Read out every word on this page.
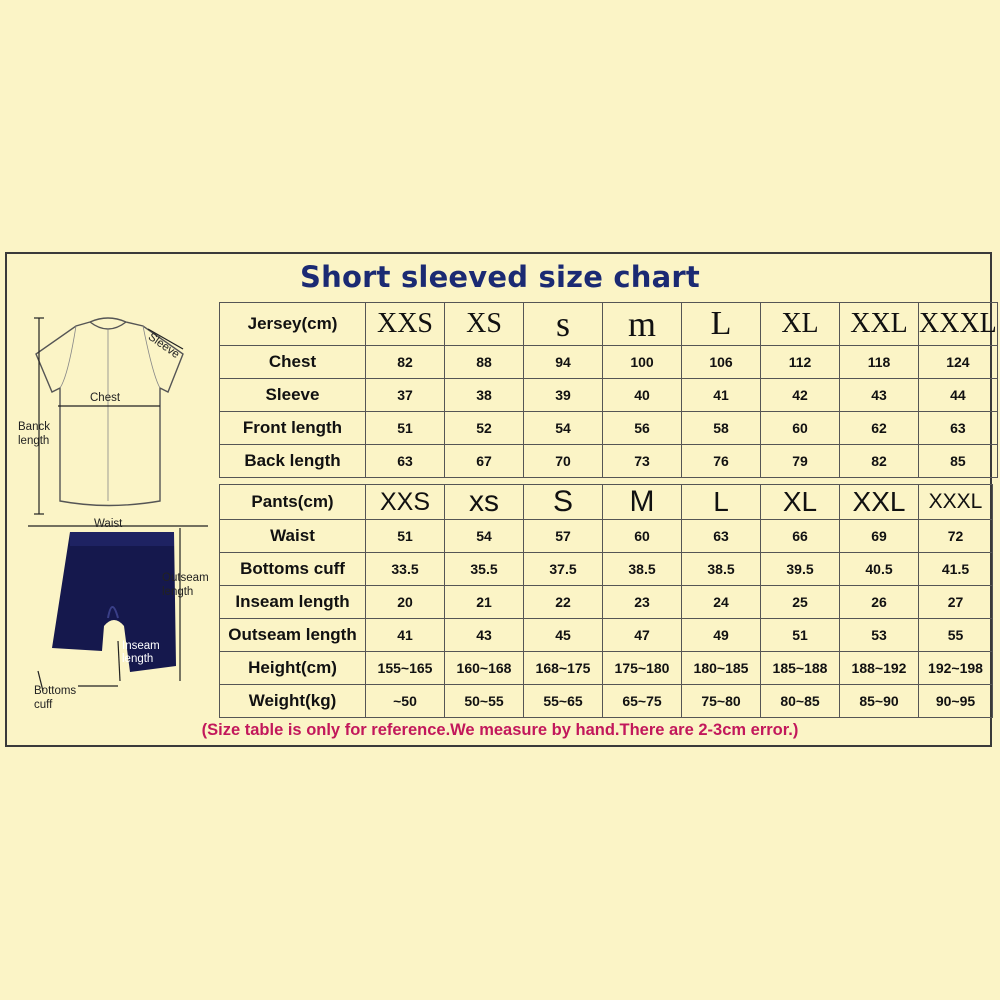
Short sleeved size chart
Sleeve
Chest
Banck length
Waist
Outseam length
Inseam length
Bottoms cuff
Jersey(cm)	XXS	XS	s	m	L	XL	XXL	XXXL
Chest	82	88	94	100	106	112	118	124
Sleeve	37	38	39	40	41	42	43	44
Front length	51	52	54	56	58	60	62	63
Back length	63	67	70	73	76	79	82	85
Pants(cm)	XXS	xs	S	M	L	XL	XXL	XXXL
Waist	51	54	57	60	63	66	69	72
Bottoms cuff	33.5	35.5	37.5	38.5	38.5	39.5	40.5	41.5
Inseam length	20	21	22	23	24	25	26	27
Outseam length	41	43	45	47	49	51	53	55
Height(cm)	155~165	160~168	168~175	175~180	180~185	185~188	188~192	192~198
Weight(kg)	~50	50~55	55~65	65~75	75~80	80~85	85~90	90~95
(Size table is only for reference.We measure by hand.There are 2-3cm error.)
